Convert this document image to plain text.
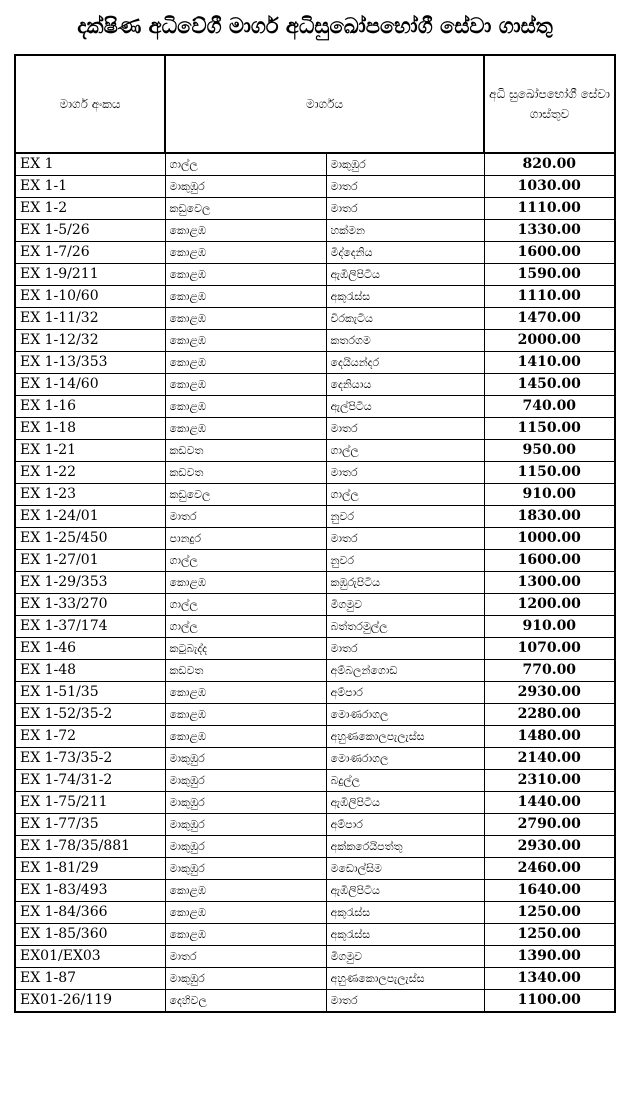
දක්ෂිණ අධිවේගී මාර්ග අධිසුඛෝපභෝගී සේවා ගාස්තු
මාර්ග අංකය	මාර්ගය		අධි සුඛෝපභෝගී සේවා ගාස්තුව
EX 1	ගාල්ල	මාකුඹුර	820.00
EX 1-1	මාකුඹුර	මාතර	1030.00
EX 1-2	කඩුවෙල	මාතර	1110.00
EX 1-5/26	කොළඹ	හක්මන	1330.00
EX 1-7/26	කොළඹ	මීද්දෙනිය	1600.00
EX 1-9/211	කොළඹ	ඇඹිලිපිටිය	1590.00
EX 1-10/60	කොළඹ	අකුරැස්ස	1110.00
EX 1-11/32	කොළඹ	වීරකැටිය	1470.00
EX 1-12/32	කොළඹ	කතරගම	2000.00
EX 1-13/353	කොළඹ	දෙයියන්දර	1410.00
EX 1-14/60	කොළඹ	දෙනියාය	1450.00
EX 1-16	කොළඹ	ඇල්පිටිය	740.00
EX 1-18	කොළඹ	මාතර	1150.00
EX 1-21	කඩවත	ගාල්ල	950.00
EX 1-22	කඩවත	මාතර	1150.00
EX 1-23	කඩුවෙල	ගාල්ල	910.00
EX 1-24/01	මාතර	නුවර	1830.00
EX 1-25/450	පානදුර	මාතර	1000.00
EX 1-27/01	ගාල්ල	නුවර	1600.00
EX 1-29/353	කොළඹ	කඹුරුපිටිය	1300.00
EX 1-33/270	ගාල්ල	මීගමුව	1200.00
EX 1-37/174	ගාල්ල	බත්තරමුල්ල	910.00
EX 1-46	කටුබැද්ද	මාතර	1070.00
EX 1-48	කඩවත	අම්බලන්ගොඩ	770.00
EX 1-51/35	කොළඹ	අම්පාර	2930.00
EX 1-52/35-2	කොළඹ	මොණරාගල	2280.00
EX 1-72	කොළඹ	අහුණකොලපැලැස්ස	1480.00
EX 1-73/35-2	මාකුඹුර	මොණරාගල	2140.00
EX 1-74/31-2	මාකුඹුර	බදුල්ල	2310.00
EX 1-75/211	මාකුඹුර	ඇඹිලිපිටිය	1440.00
EX 1-77/35	මාකුඹුර	අම්පාර	2790.00
EX 1-78/35/881	මාකුඹුර	අක්කරෙයිපත්තු	2930.00
EX 1-81/29	මාකුඹුර	මඩොල්සිම	2460.00
EX 1-83/493	කොළඹ	ඇඹිලිපිටිය	1640.00
EX 1-84/366	කොළඹ	අකුරැස්ස	1250.00
EX 1-85/360	කොළඹ	අකුරැස්ස	1250.00
EX01/EX03	මාතර	මීගමුව	1390.00
EX 1-87	මාකුඹුර	අහුණකොලපැලැස්ස	1340.00
EX01-26/119	දෙහිවල	මාතර	1100.00
